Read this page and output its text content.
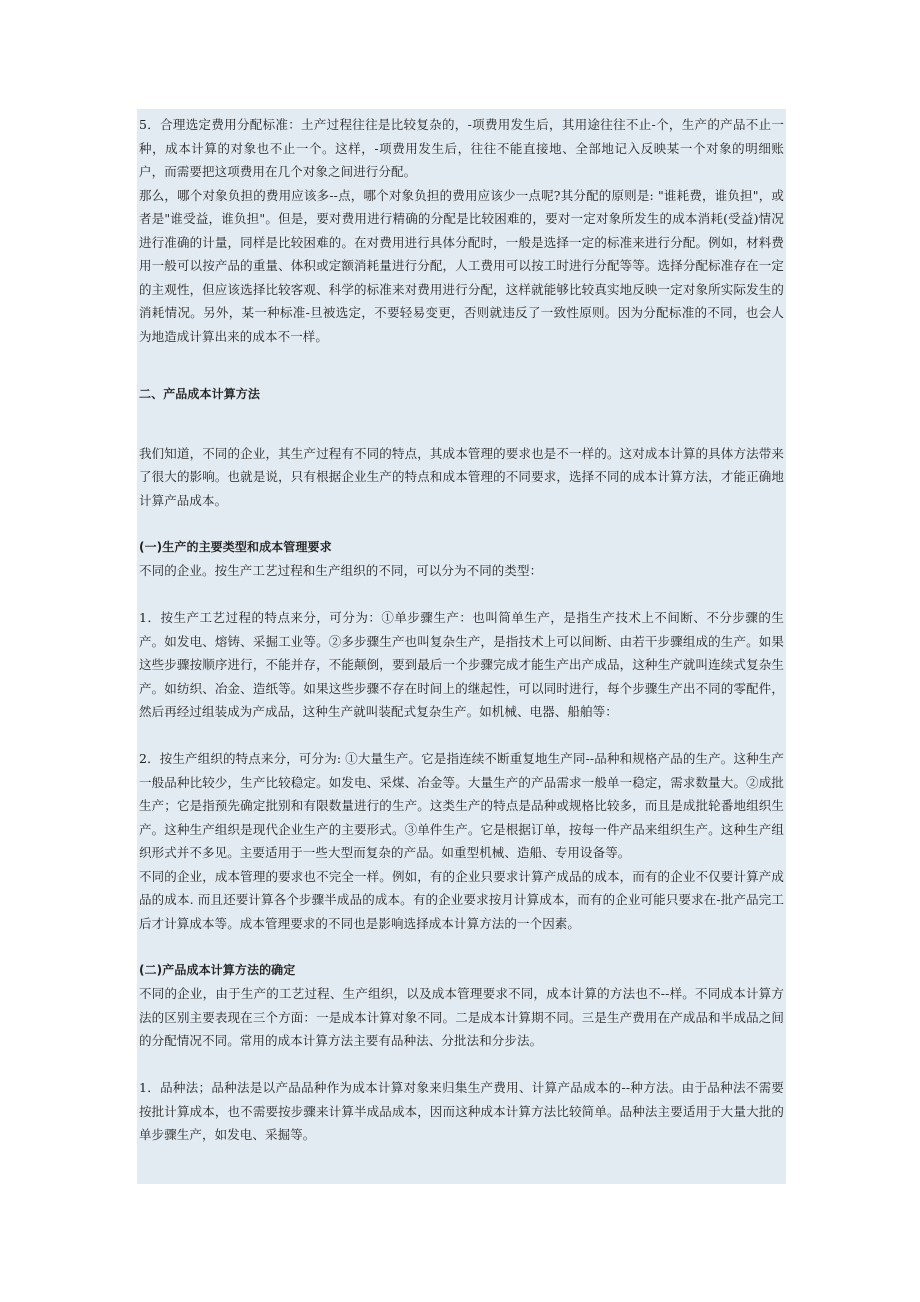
5．合理选定费用分配标准：土产过程往往是比较复杂的，-项费用发生后，其用途往往不止-个，生产的产品不止一种，成本计算的对象也不止一个。这样，-项费用发生后，往往不能直接地、全部地记入反映某一个对象的明细账户，而需要把这项费用在几个对象之间进行分配。

那么，哪个对象负担的费用应该多--点，哪个对象负担的费用应该少一点呢?其分配的原则是: "谁耗费，谁负担"，或者是"谁受益，谁负担"。但是，要对费用进行精确的分配是比较困难的，要对一定对象所发生的成本消耗(受益)情况进行准确的计量，同样是比较困难的。在对费用进行具体分配时，一般是选择一定的标准来进行分配。例如，材料费用一般可以按产品的重量、体积或定额消耗量进行分配，人工费用可以按工时进行分配等等。选择分配标准存在一定的主观性，但应该选择比较客观、科学的标准来对费用进行分配，这样就能够比较真实地反映一定对象所实际发生的消耗情况。另外，某一种标准-旦被选定，不要轻易变更，否则就违反了一致性原则。因为分配标准的不同，也会人为地造成计算出来的成本不一样。

二、产品成本计算方法

我们知道，不同的企业，其生产过程有不同的特点，其成本管理的要求也是不一样的。这对成本计算的具体方法带来了很大的影响。也就是说，只有根据企业生产的特点和成本管理的不同要求，选择不同的成本计算方法，才能正确地计算产品成本。

(一)生产的主要类型和成本管理要求

不同的企业。按生产工艺过程和生产组织的不同，可以分为不同的类型：

1．按生产工艺过程的特点来分，可分为：①单步骤生产：也叫简单生产，是指生产技术上不间断、不分步骤的生产。如发电、熔铸、采掘工业等。②多步骤生产也叫复杂生产，是指技术上可以间断、由若干步骤组成的生产。如果这些步骤按顺序进行，不能并存，不能颠倒，要到最后一个步骤完成才能生产出产成品，这种生产就叫连续式复杂生产。如纺织、冶金、造纸等。如果这些步骤不存在时间上的继起性，可以同时进行，每个步骤生产出不同的零配件，然后再经过组装成为产成品，这种生产就叫装配式复杂生产。如机械、电器、船舶等：

2．按生产组织的特点来分，可分为: ①大量生产。它是指连续不断重复地生产同--品种和规格产品的生产。这种生产一般品种比较少，生产比较稳定。如发电、采煤、冶金等。大量生产的产品需求一般单一稳定，需求数量大。②成批生产；它是指预先确定批别和有限数量进行的生产。这类生产的特点是品种或规格比较多，而且是成批轮番地组织生产。这种生产组织是现代企业生产的主要形式。③单件生产。它是根据订单，按每一件产品来组织生产。这种生产组织形式并不多见。主要适用于一些大型而复杂的产品。如重型机械、造船、专用设备等。

不同的企业，成本管理的要求也不完全一样。例如，有的企业只要求计算产成品的成本，而有的企业不仅要计算产成品的成本. 而且还要计算各个步骤半成品的成本。有的企业要求按月计算成本，而有的企业可能只要求在-批产品完工后才计算成本等。成本管理要求的不同也是影响选择成本计算方法的一个因素。

(二)产品成本计算方法的确定

不同的企业，由于生产的工艺过程、生产组织，以及成本管理要求不同，成本计算的方法也不--样。不同成本计算方法的区别主要表现在三个方面：一是成本计算对象不同。二是成本计算期不同。三是生产费用在产成品和半成品之间的分配情况不同。常用的成本计算方法主要有品种法、分批法和分步法。

1．品种法；品种法是以产品品种作为成本计算对象来归集生产费用、计算产品成本的--种方法。由于品种法不需要按批计算成本，也不需要按步骤来计算半成品成本，因而这种成本计算方法比较简单。品种法主要适用于大量大批的单步骤生产，如发电、采掘等。
